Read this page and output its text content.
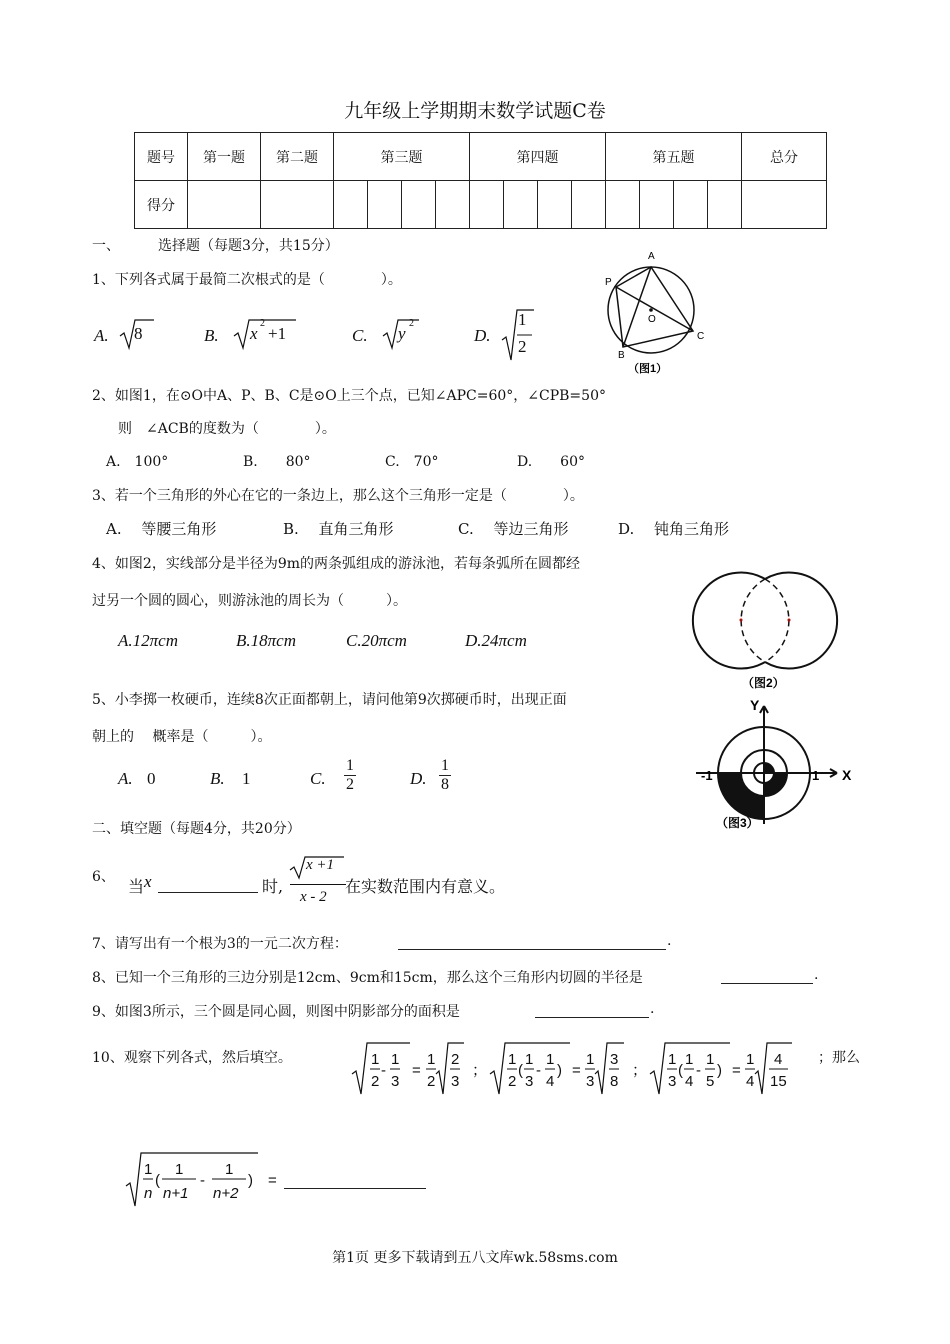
九年级上学期期末数学试题C卷
题号	第一题	第二题	第三题				第四题				第五题				总分
得分															
一、	选择题（每题3分，共15分）
1、下列各式属于最简二次根式的是（　　　　）。
A. 8	B. x
2
+1	C. y
2
D.
1
2
A
P
O
B
C
（图1）
2、如图1，在⊙O中A、P、B、C是⊙O上三个点，已知∠APC=60°，∠CPB=50°
则　∠ACB的度数为（　　　　）。
A.　100°	B.　　80°	C.　70°	D.　　60°
3、若一个三角形的外心在它的一条边上，那么这个三角形一定是（　　　　）。
A.　 等腰三角形	B.　 直角三角形	C.　 等边三角形	D.　 钝角三角形
4、如图2，实线部分是半径为9m的两条弧组成的游泳池，若每条弧所在圆都经
过另一个圆的圆心，则游泳池的周长为（　　　）。
A.12πcm	B.18πcm	C.20πcm	D.24πcm
（图2）
5、小李掷一枚硬币，连续8次正面都朝上，请问他第9次掷硬币时，出现正面
朝上的　 概率是（　　　）。
A. 0	B. 1	C. $\frac{1}{2}$	D. $\frac{1}{8}$
Y
-1	1 X
（图3）
二、填空题（每题4分，共20分）
6、 当 x	时,
x +1
x - 2
在实数范围内有意义。
7、请写出有一个根为3的一元二次方程：	.
8、已知一个三角形的三边分别是12cm、9cm和15cm，那么这个三角形内切圆的半径是	.
9、如图3所示，三个圆是同心圆，则图中阴影部分的面积是	.
10、观察下列各式，然后填空。	1
2
-
1
3
=
1
2
2
3
；
1
2
(
1
3
-
1
4
) =
1
3
3
8
；
1
3
(
1
4
-
1
5
) =
1
4
4
15
；那么
1
n
(
1
n+1
-
1
n+2
) =
第1页 更多下载请到五八文库wk.58sms.com
